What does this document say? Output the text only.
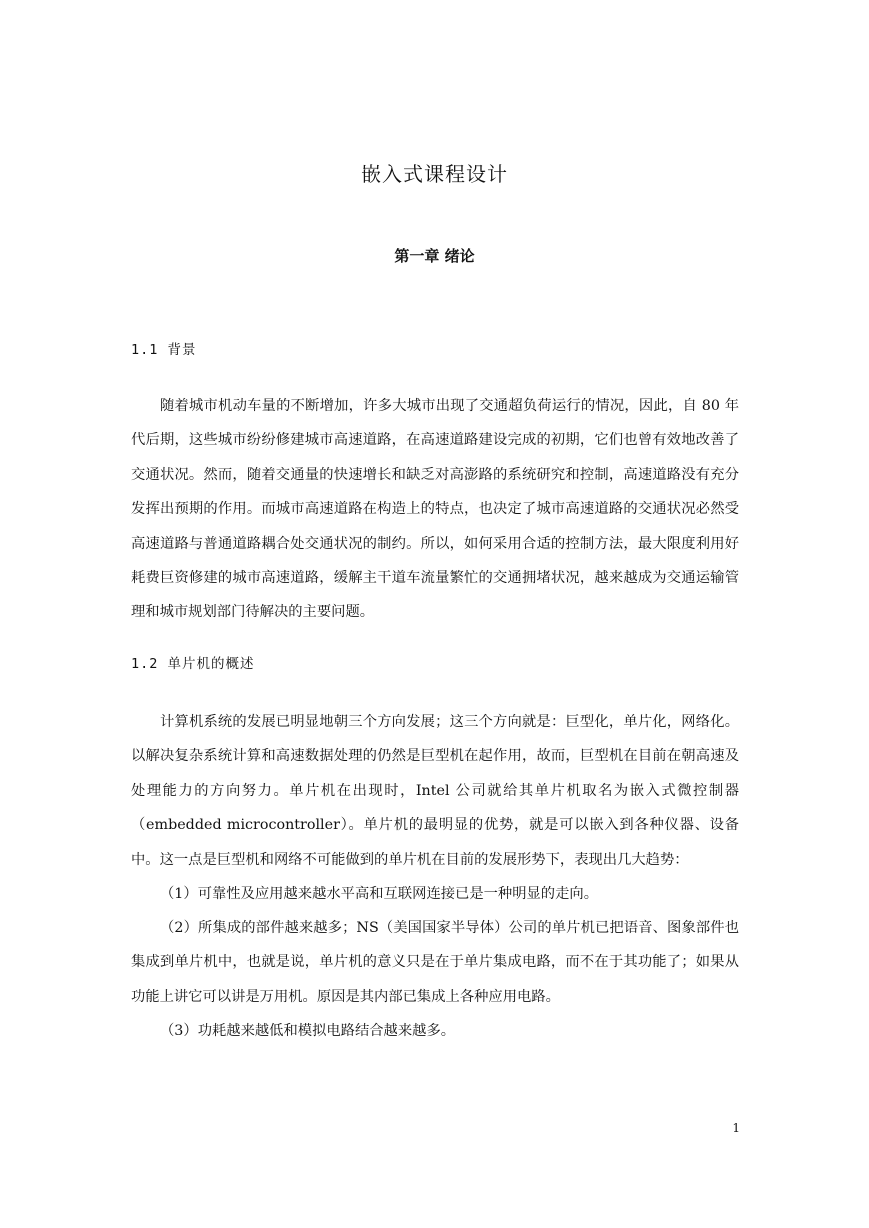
嵌入式课程设计
第一章 绪论
1.1 背景

随着城市机动车量的不断增加，许多大城市出现了交通超负荷运行的情况，因此，自 80 年代后期，这些城市纷纷修建城市高速道路，在高速道路建设完成的初期，它们也曾有效地改善了交通状况。然而，随着交通量的快速增长和缺乏对高澎路的系统研究和控制，高速道路没有充分发挥出预期的作用。而城市高速道路在构造上的特点，也决定了城市高速道路的交通状况必然受高速道路与普通道路耦合处交通状况的制约。所以，如何采用合适的控制方法，最大限度利用好耗费巨资修建的城市高速道路，缓解主干道车流量繁忙的交通拥堵状况，越来越成为交通运输管理和城市规划部门待解决的主要问题。

1.2 单片机的概述

计算机系统的发展已明显地朝三个方向发展；这三个方向就是：巨型化，单片化，网络化。以解决复杂系统计算和高速数据处理的仍然是巨型机在起作用，故而，巨型机在目前在朝高速及处理能力的方向努力。单片机在出现时，Intel 公司就给其单片机取名为嵌入式微控制器（embedded microcontroller）。单片机的最明显的优势，就是可以嵌入到各种仪器、设备中。这一点是巨型机和网络不可能做到的单片机在目前的发展形势下，表现出几大趋势：

（1）可靠性及应用越来越水平高和互联网连接已是一种明显的走向。

（2）所集成的部件越来越多；NS（美国国家半导体）公司的单片机已把语音、图象部件也集成到单片机中，也就是说，单片机的意义只是在于单片集成电路，而不在于其功能了；如果从功能上讲它可以讲是万用机。原因是其内部已集成上各种应用电路。

（3）功耗越来越低和模拟电路结合越来越多。

1
